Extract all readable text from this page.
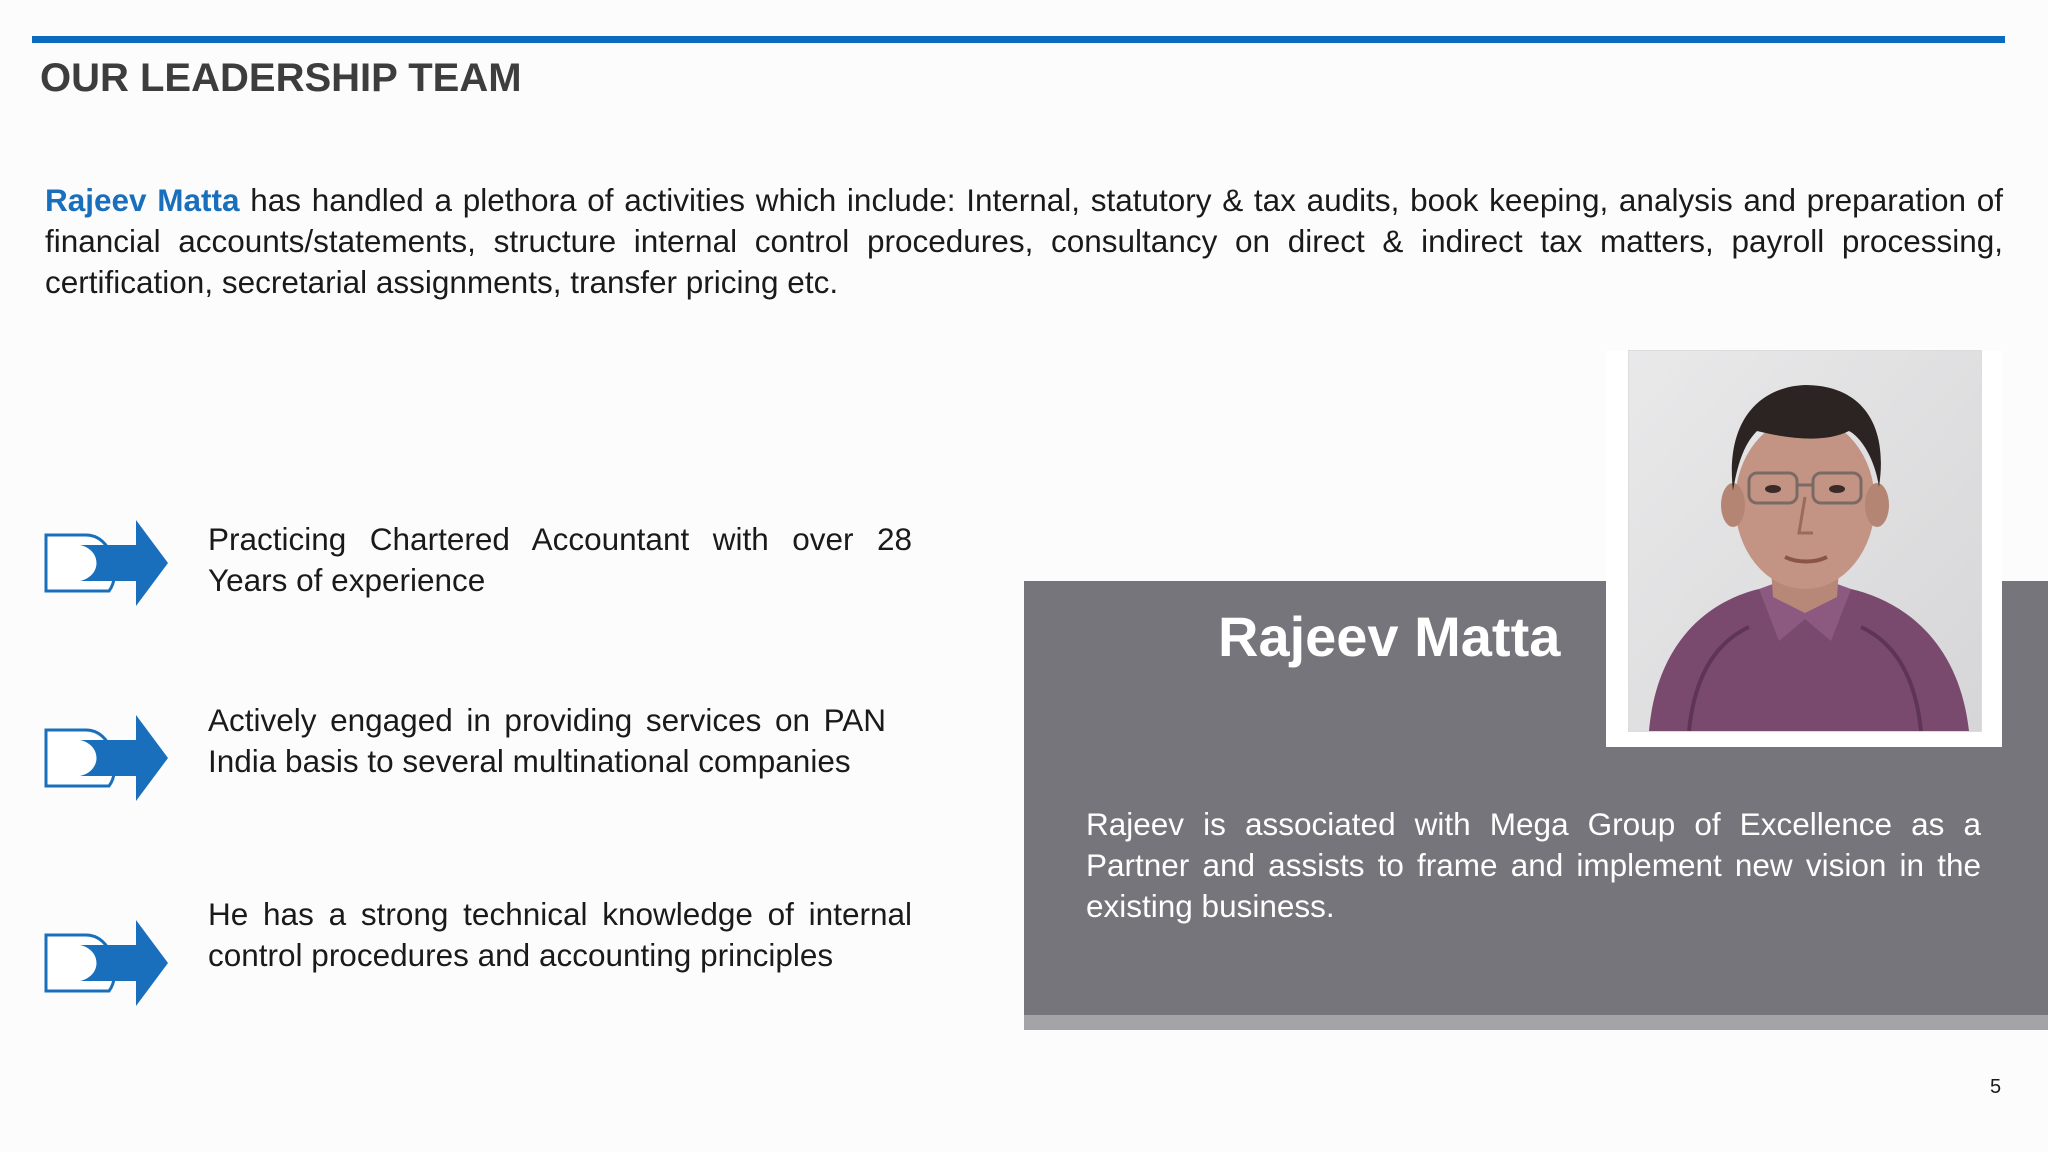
OUR LEADERSHIP TEAM

Rajeev Matta has handled a plethora of activities which include: Internal, statutory & tax audits, book keeping, analysis and preparation of financial accounts/statements, structure internal control procedures, consultancy on direct & indirect tax matters, payroll processing, certification, secretarial assignments, transfer pricing etc.

Practicing Chartered Accountant with over 28 Years of experience

Actively engaged in providing services on PAN India basis to several multinational companies

He has a strong technical knowledge of internal control procedures and accounting principles

Rajeev Matta

Rajeev is associated with Mega Group of Excellence as a Partner and assists to frame and implement new vision in the existing business.

5
